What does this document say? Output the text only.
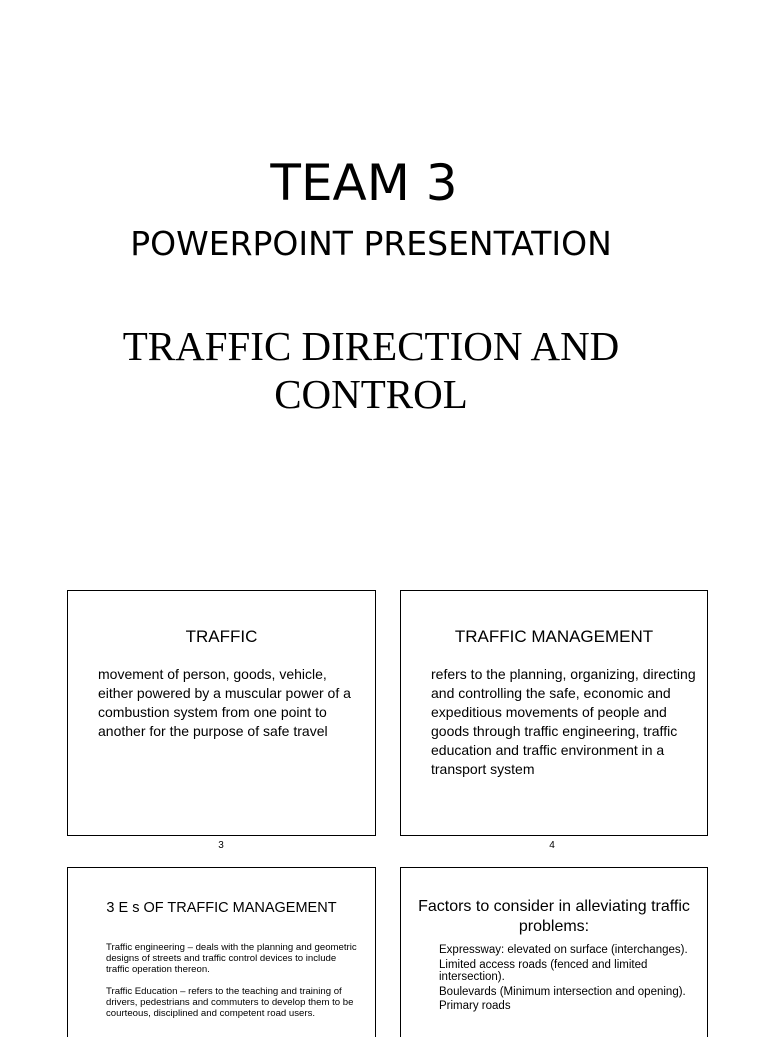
TEAM 3
POWERPOINT PRESENTATION
TRAFFIC DIRECTION AND
CONTROL
TRAFFIC
movement of person, goods, vehicle, either powered by a muscular power of a combustion system from one point to another for the purpose of safe travel
3
TRAFFIC MANAGEMENT
refers to the planning, organizing, directing and controlling the safe, economic and expeditious movements of people and goods through traffic engineering, traffic education and traffic environment in a transport system
4
3 E s OF TRAFFIC MANAGEMENT
Traffic engineering – deals with the planning and geometric designs of streets and traffic control devices to include traffic operation thereon.
Traffic Education – refers to the teaching and training of drivers, pedestrians and commuters to develop them to be courteous, disciplined and competent road users.
Factors to consider in alleviating traffic problems:
Expressway: elevated on surface (interchanges).
Limited access roads (fenced and limited intersection).
Boulevards (Minimum intersection and opening).
Primary roads
